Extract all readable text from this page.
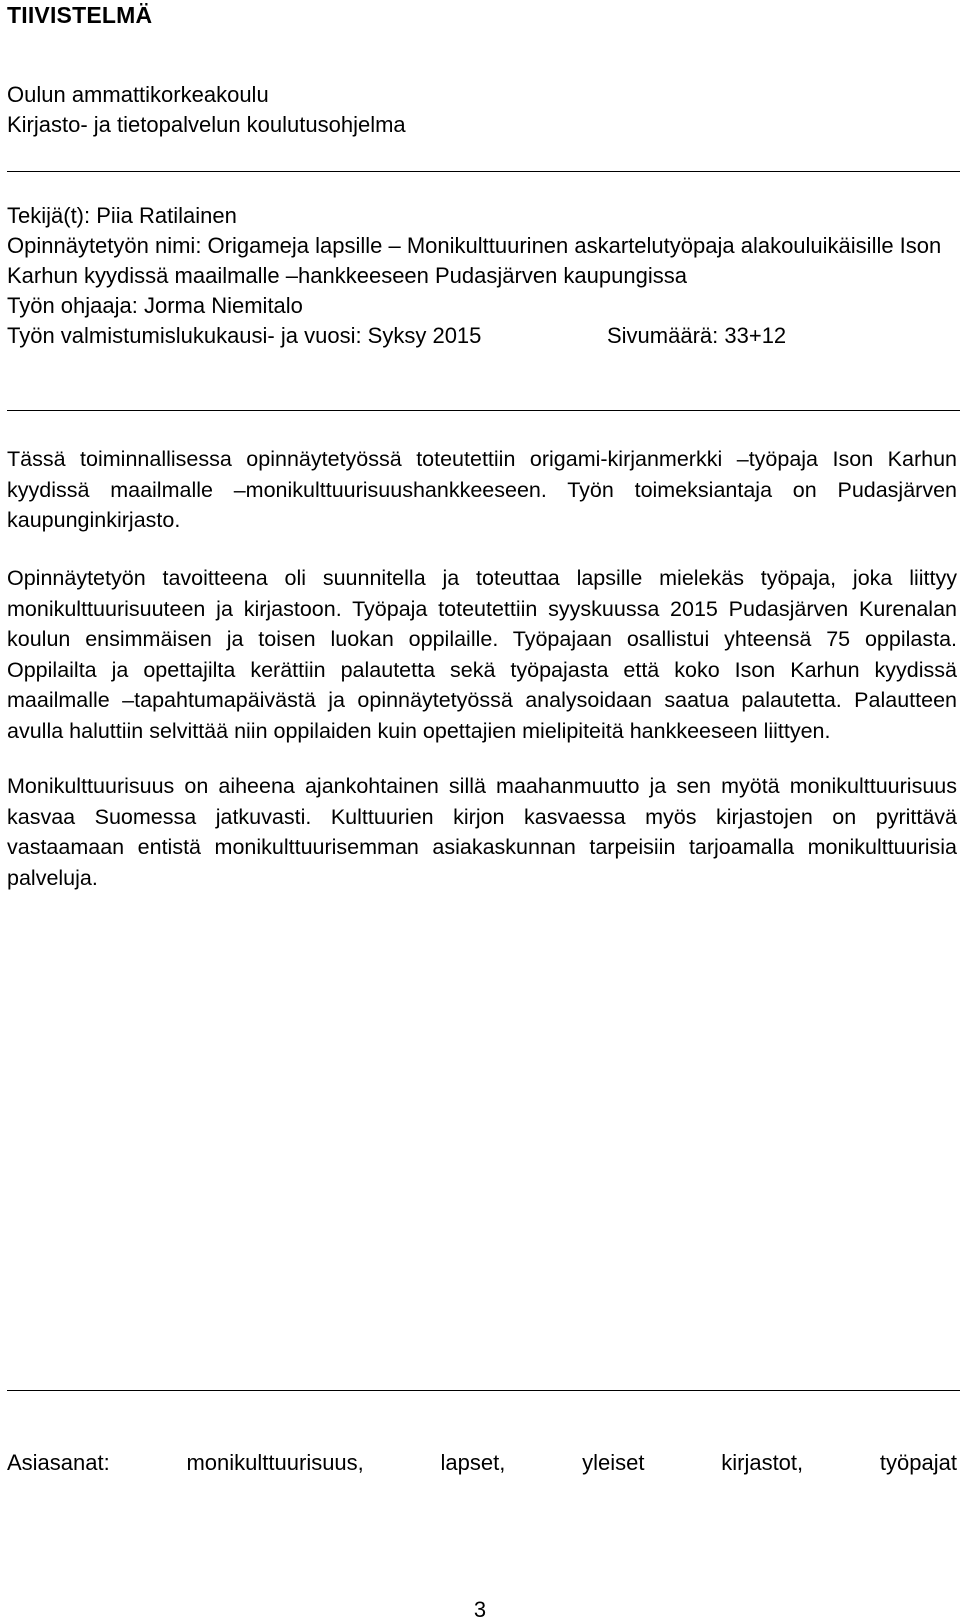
TIIVISTELMÄ
Oulun ammattikorkeakoulu
Kirjasto- ja tietopalvelun koulutusohjelma
Tekijä(t): Piia Ratilainen
Opinnäytetyön nimi: Origameja lapsille – Monikulttuurinen askartelutyöpaja alakouluikäisille Ison
Karhun kyydissä maailmalle –hankkeeseen Pudasjärven kaupungissa
Työn ohjaaja: Jorma Niemitalo
Työn valmistumislukukausi- ja vuosi: Syksy 2015	Sivumäärä: 33+12
Tässä toiminnallisessa opinnäytetyössä toteutettiin origami-kirjanmerkki –työpaja Ison Karhun kyydissä maailmalle –monikulttuurisuushankkeeseen. Työn toimeksiantaja on Pudasjärven kaupunginkirjasto.
Opinnäytetyön tavoitteena oli suunnitella ja toteuttaa lapsille mielekäs työpaja, joka liittyy monikulttuurisuuteen ja kirjastoon. Työpaja toteutettiin syyskuussa 2015 Pudasjärven Kurenalan koulun ensimmäisen ja toisen luokan oppilaille. Työpajaan osallistui yhteensä 75 oppilasta. Oppilailta ja opettajilta kerättiin palautetta sekä työpajasta että koko Ison Karhun kyydissä maailmalle –tapahtumapäivästä ja opinnäytetyössä analysoidaan saatua palautetta. Palautteen avulla haluttiin selvittää niin oppilaiden kuin opettajien mielipiteitä hankkeeseen liittyen.
Monikulttuurisuus on aiheena ajankohtainen sillä maahanmuutto ja sen myötä monikulttuurisuus kasvaa Suomessa jatkuvasti. Kulttuurien kirjon kasvaessa myös kirjastojen on pyrittävä vastaamaan entistä monikulttuurisemman asiakaskunnan tarpeisiin tarjoamalla monikulttuurisia palveluja.
Asiasanat:	monikulttuurisuus,	lapset,	yleiset	kirjastot,	työpajat
3
